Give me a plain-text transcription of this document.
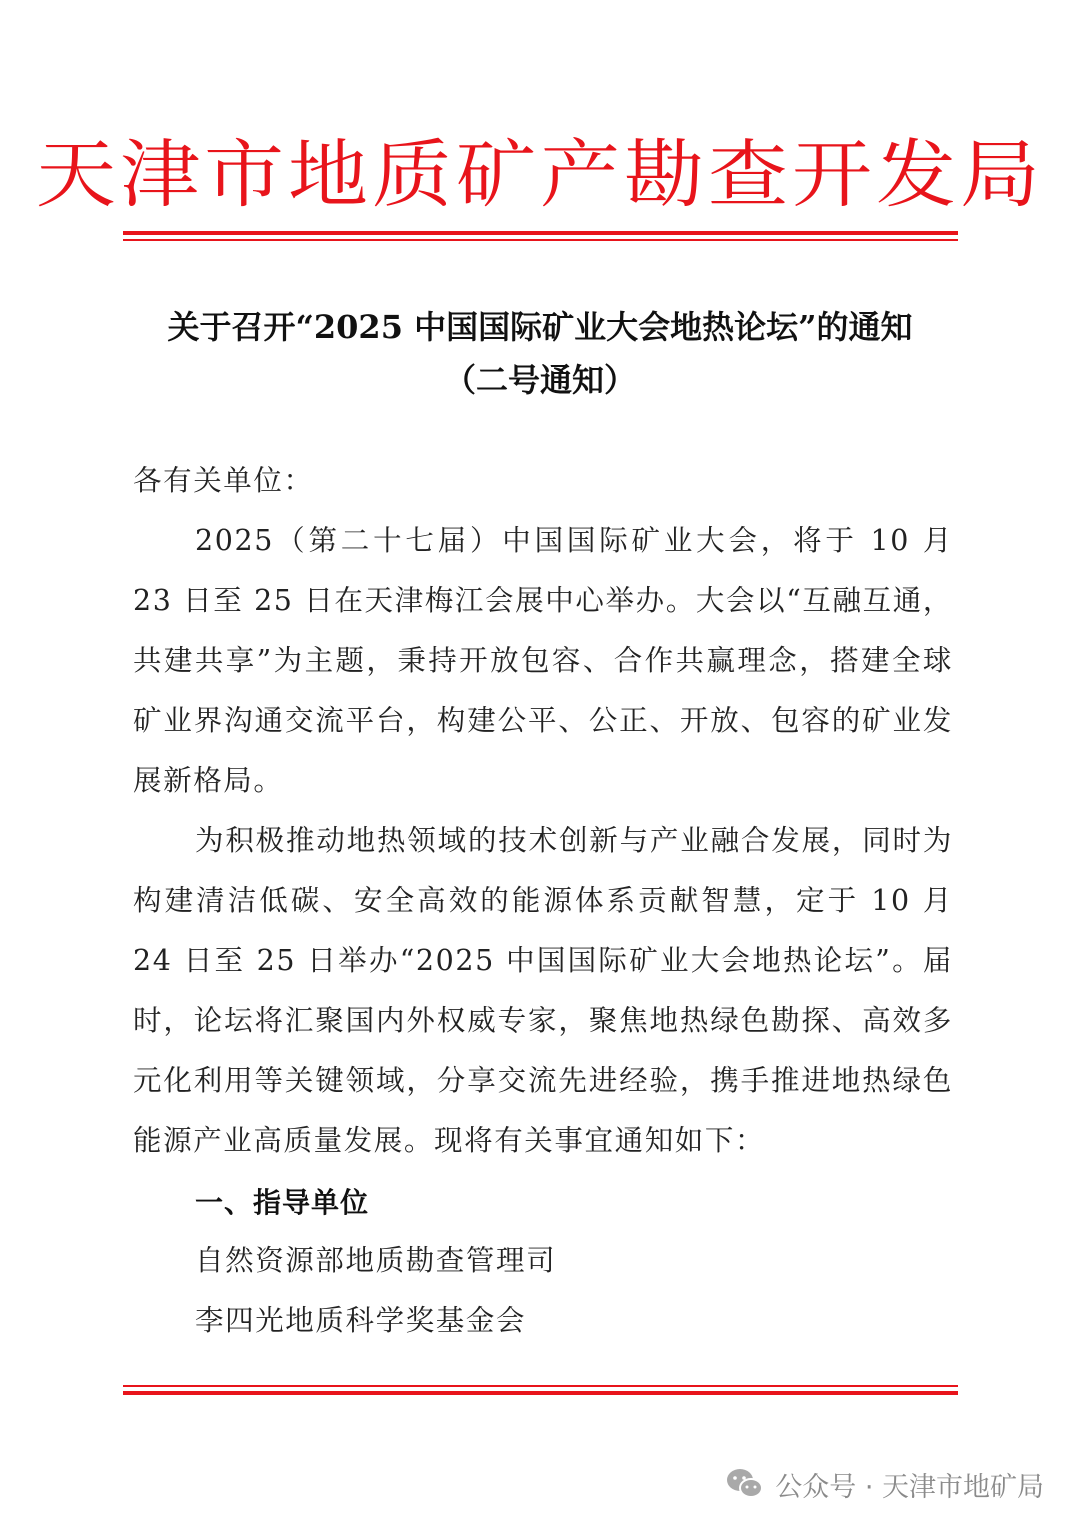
天津市地质矿产勘查开发局
关于召开“2025 中国国际矿业大会地热论坛”的通知
（二号通知）
各有关单位：
2025（第二十七届）中国国际矿业大会，将于 10 月 23 日至 25 日在天津梅江会展中心举办。大会以“互融互通，共建共享”为主题，秉持开放包容、合作共赢理念，搭建全球矿业界沟通交流平台，构建公平、公正、开放、包容的矿业发展新格局。
为积极推动地热领域的技术创新与产业融合发展，同时为构建清洁低碳、安全高效的能源体系贡献智慧，定于 10 月 24 日至 25 日举办“2025 中国国际矿业大会地热论坛”。届时，论坛将汇聚国内外权威专家，聚焦地热绿色勘探、高效多元化利用等关键领域，分享交流先进经验，携手推进地热绿色能源产业高质量发展。现将有关事宜通知如下：
一、指导单位
自然资源部地质勘查管理司
李四光地质科学奖基金会
公众号 · 天津市地矿局
